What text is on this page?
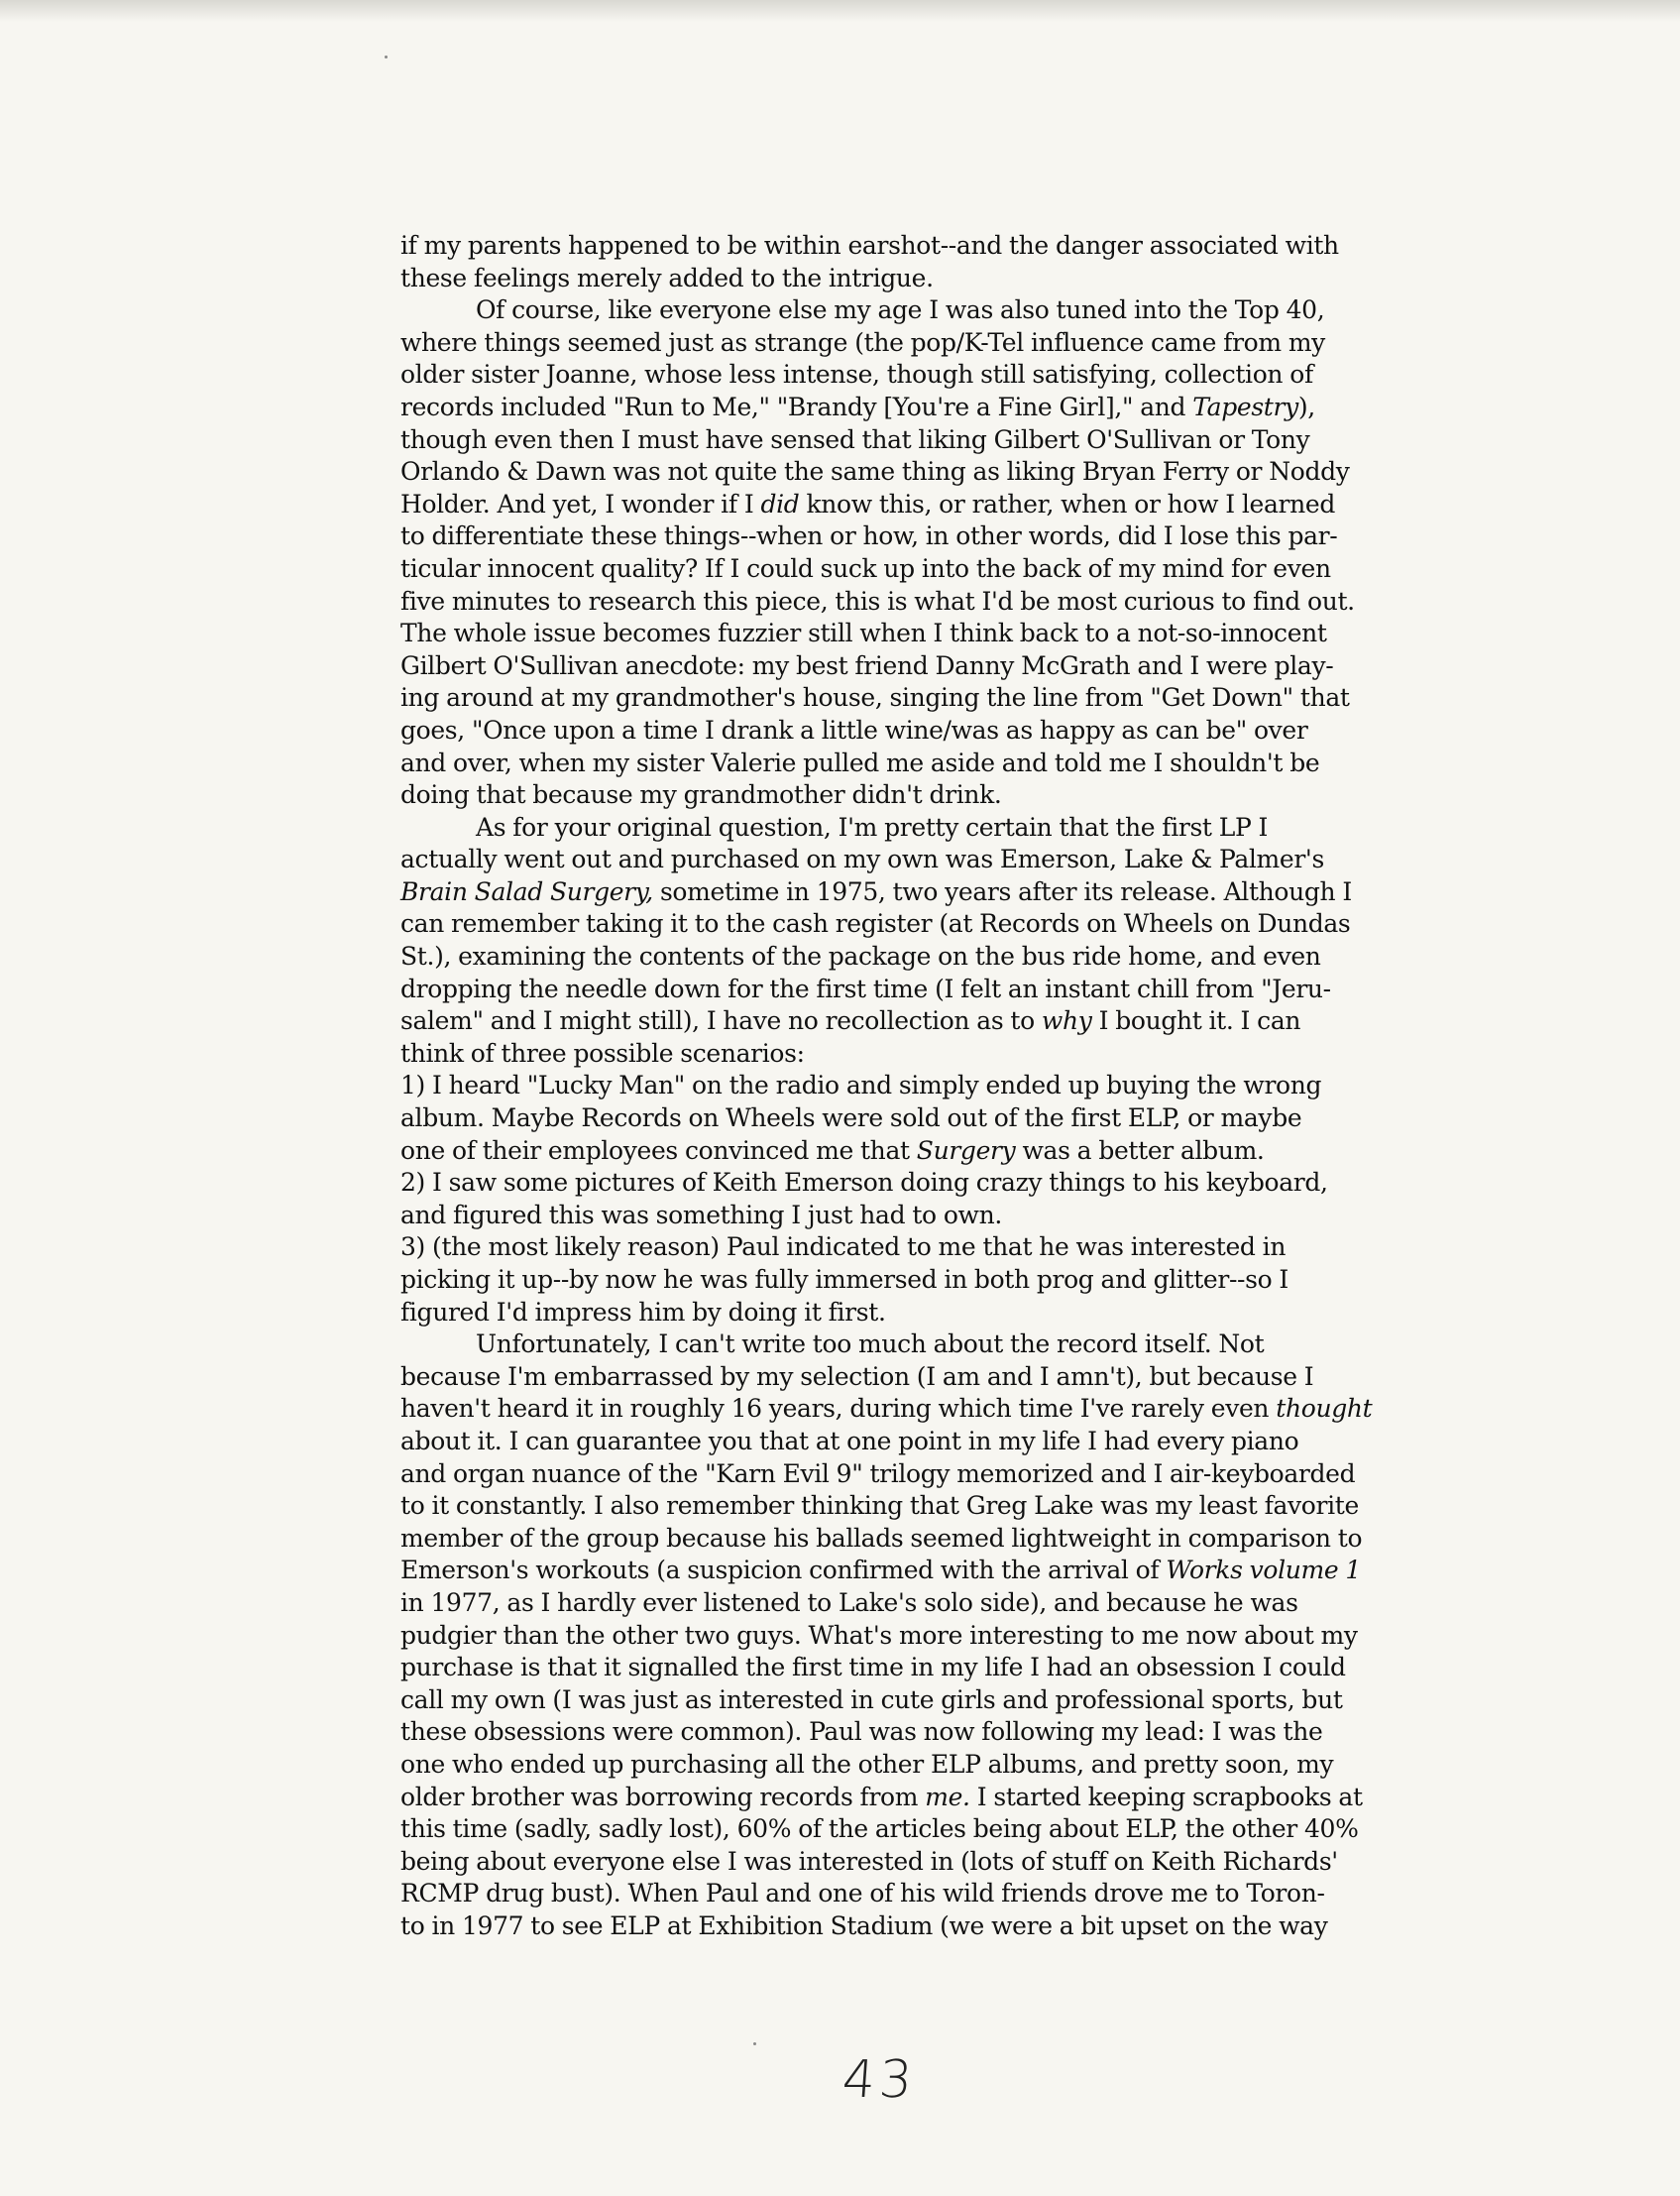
if my parents happened to be within earshot--and the danger associated with

these feelings merely added to the intrigue.

Of course, like everyone else my age I was also tuned into the Top 40,

where things seemed just as strange (the pop/K-Tel influence came from my

older sister Joanne, whose less intense, though still satisfying, collection of

records included "Run to Me," "Brandy [You're a Fine Girl]," and Tapestry),

though even then I must have sensed that liking Gilbert O'Sullivan or Tony

Orlando & Dawn was not quite the same thing as liking Bryan Ferry or Noddy

Holder. And yet, I wonder if I did know this, or rather, when or how I learned

to differentiate these things--when or how, in other words, did I lose this par-

ticular innocent quality? If I could suck up into the back of my mind for even

five minutes to research this piece, this is what I'd be most curious to find out.

The whole issue becomes fuzzier still when I think back to a not-so-innocent

Gilbert O'Sullivan anecdote: my best friend Danny McGrath and I were play-

ing around at my grandmother's house, singing the line from "Get Down" that

goes, "Once upon a time I drank a little wine/was as happy as can be" over

and over, when my sister Valerie pulled me aside and told me I shouldn't be

doing that because my grandmother didn't drink.

As for your original question, I'm pretty certain that the first LP I

actually went out and purchased on my own was Emerson, Lake & Palmer's

Brain Salad Surgery, sometime in 1975, two years after its release. Although I

can remember taking it to the cash register (at Records on Wheels on Dundas

St.), examining the contents of the package on the bus ride home, and even

dropping the needle down for the first time (I felt an instant chill from "Jeru-

salem" and I might still), I have no recollection as to why I bought it. I can

think of three possible scenarios:

1) I heard "Lucky Man" on the radio and simply ended up buying the wrong

album. Maybe Records on Wheels were sold out of the first ELP, or maybe

one of their employees convinced me that Surgery was a better album.

2) I saw some pictures of Keith Emerson doing crazy things to his keyboard,

and figured this was something I just had to own.

3) (the most likely reason) Paul indicated to me that he was interested in

picking it up--by now he was fully immersed in both prog and glitter--so I

figured I'd impress him by doing it first.

Unfortunately, I can't write too much about the record itself. Not

because I'm embarrassed by my selection (I am and I amn't), but because I

haven't heard it in roughly 16 years, during which time I've rarely even thought

about it. I can guarantee you that at one point in my life I had every piano

and organ nuance of the "Karn Evil 9" trilogy memorized and I air-keyboarded

to it constantly. I also remember thinking that Greg Lake was my least favorite

member of the group because his ballads seemed lightweight in comparison to

Emerson's workouts (a suspicion confirmed with the arrival of Works volume 1

in 1977, as I hardly ever listened to Lake's solo side), and because he was

pudgier than the other two guys. What's more interesting to me now about my

purchase is that it signalled the first time in my life I had an obsession I could

call my own (I was just as interested in cute girls and professional sports, but

these obsessions were common). Paul was now following my lead: I was the

one who ended up purchasing all the other ELP albums, and pretty soon, my

older brother was borrowing records from me. I started keeping scrapbooks at

this time (sadly, sadly lost), 60% of the articles being about ELP, the other 40%

being about everyone else I was interested in (lots of stuff on Keith Richards'

RCMP drug bust). When Paul and one of his wild friends drove me to Toron-

to in 1977 to see ELP at Exhibition Stadium (we were a bit upset on the way

43
